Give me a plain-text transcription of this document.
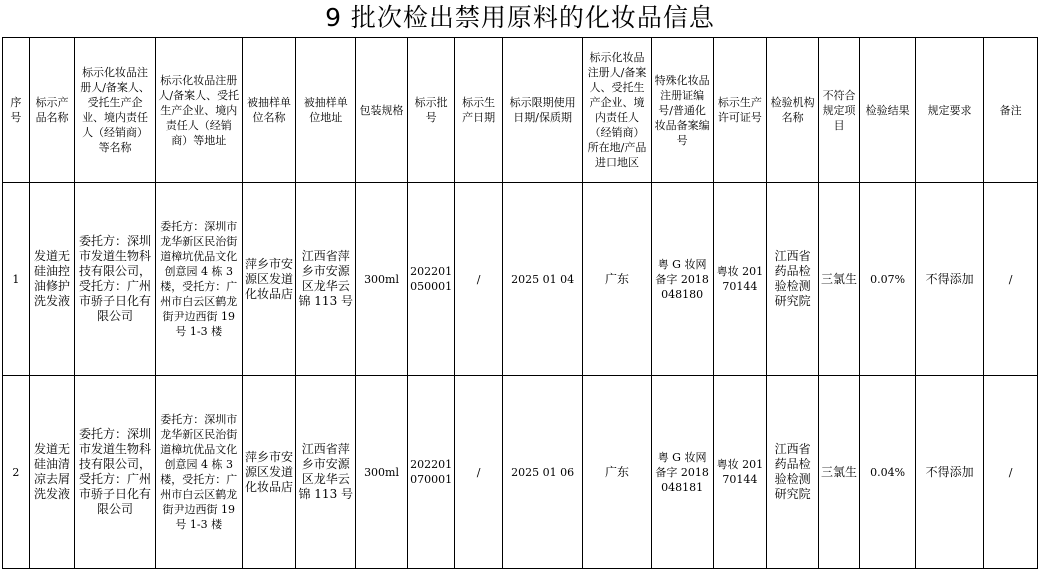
9 批次检出禁用原料的化妆品信息
序号	标示产品名称	标示化妆品注册人/备案人、受托生产企业、境内责任人（经销商）等名称	标示化妆品注册人/备案人、受托生产企业、境内责任人（经销商）等地址	被抽样单位名称	被抽样单位地址	包装规格	标示批号	标示生产日期	标示限期使用日期/保质期	标示化妆品注册人/备案人、受托生产企业、境内责任人（经销商）所在地/产品进口地区	特殊化妆品注册证编号/普通化妆品备案编号	标示生产许可证号	检验机构名称	不符合规定项目	检验结果	规定要求	备注
1	发道无硅油控油修护洗发液	委托方：深圳市发道生物科技有限公司，受托方：广州市骄子日化有限公司	委托方：深圳市龙华新区民治街道樟坑优品文化创意园 4 栋 3 楼，受托方：广州市白云区鹤龙街尹边西街 19 号 1-3 楼	萍乡市安源区发道化妆品店	江西省萍乡市安源区龙华云锦 113 号	300ml	202201050001	/	2025 01 04	广东	粤 G 妆网备字 2018048180	粤妆 20170144	江西省药品检验检测研究院	三氯生	0.07%	不得添加	/
2	发道无硅油清凉去屑洗发液	委托方：深圳市发道生物科技有限公司，受托方：广州市骄子日化有限公司	委托方：深圳市龙华新区民治街道樟坑优品文化创意园 4 栋 3 楼，受托方：广州市白云区鹤龙街尹边西街 19 号 1-3 楼	萍乡市安源区发道化妆品店	江西省萍乡市安源区龙华云锦 113 号	300ml	202201070001	/	2025 01 06	广东	粤 G 妆网备字 2018048181	粤妆 20170144	江西省药品检验检测研究院	三氯生	0.04%	不得添加	/
